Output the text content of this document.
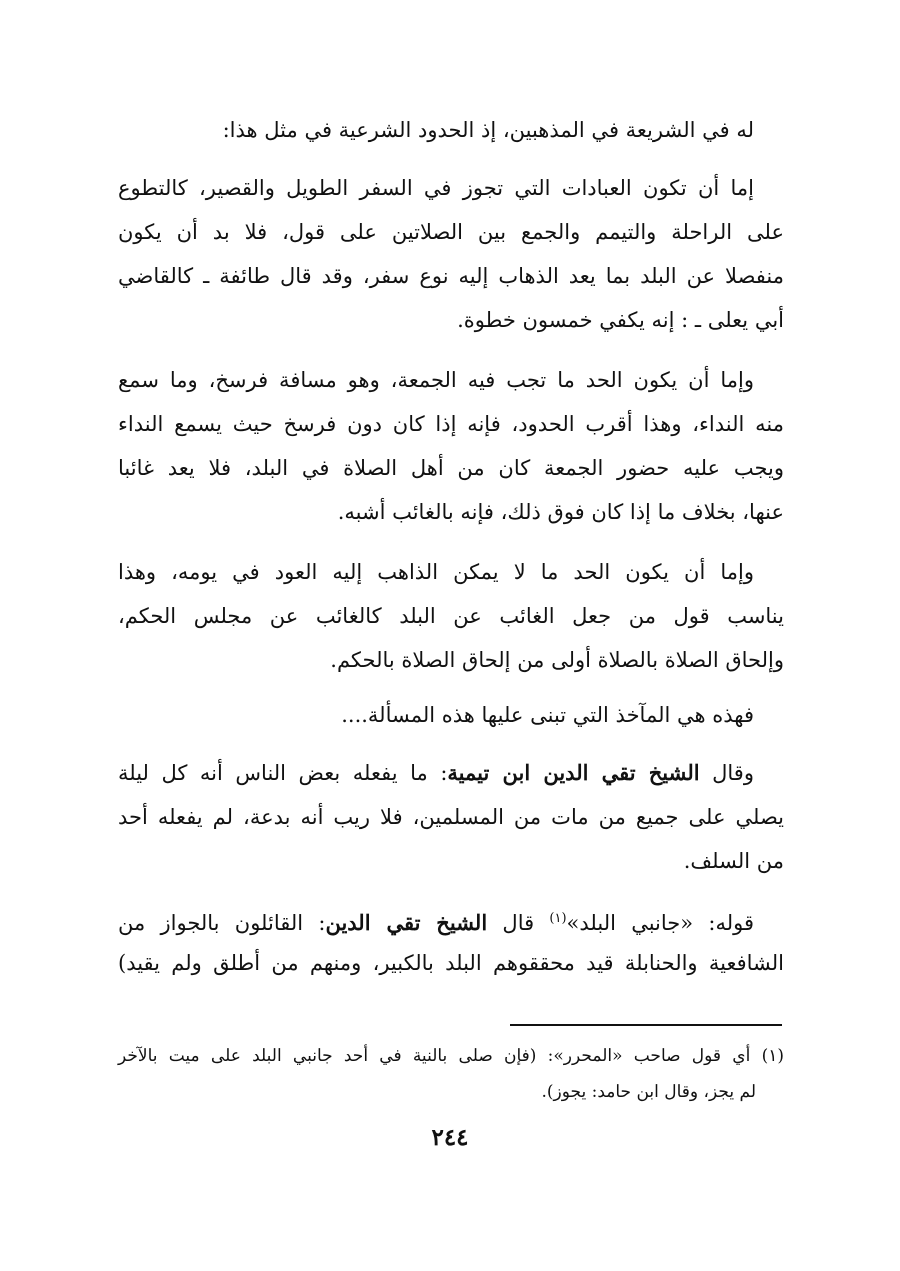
له في الشريعة في المذهبين، إذ الحدود الشرعية في مثل هذا:
إما أن تكون العبادات التي تجوز في السفر الطويل والقصير، كالتطوع
على الراحلة والتيمم والجمع بين الصلاتين على قول، فلا بد أن يكون
منفصلا عن البلد بما يعد الذهاب إليه نوع سفر، وقد قال طائفة ـ كالقاضي
أبي يعلى ـ : إنه يكفي خمسون خطوة.
وإما أن يكون الحد ما تجب فيه الجمعة، وهو مسافة فرسخ، وما سمع
منه النداء، وهذا أقرب الحدود، فإنه إذا كان دون فرسخ حيث يسمع النداء
ويجب عليه حضور الجمعة كان من أهل الصلاة في البلد، فلا يعد غائبا
عنها، بخلاف ما إذا كان فوق ذلك، فإنه بالغائب أشبه.
وإما أن يكون الحد ما لا يمكن الذاهب إليه العود في يومه، وهذا
يناسب قول من جعل الغائب عن البلد كالغائب عن مجلس الحكم،
وإلحاق الصلاة بالصلاة أولى من إلحاق الصلاة بالحكم.
فهذه هي المآخذ التي تبنى عليها هذه المسألة....
وقال الشيخ تقي الدين ابن تيمية: ما يفعله بعض الناس أنه كل ليلة
يصلي على جميع من مات من المسلمين، فلا ريب أنه بدعة، لم يفعله أحد
من السلف.
قوله: «جانبي البلد»$^{(١)}$ قال الشيخ تقي الدين: القائلون بالجواز من
الشافعية والحنابلة قيد محققوهم البلد بالكبير، ومنهم من أطلق ولم يقيد)
(١) أي قول صاحب «المحرر»: (فإن صلى بالنية في أحد جانبي البلد على ميت بالآخر
لم يجز، وقال ابن حامد: يجوز).
٢٤٤
